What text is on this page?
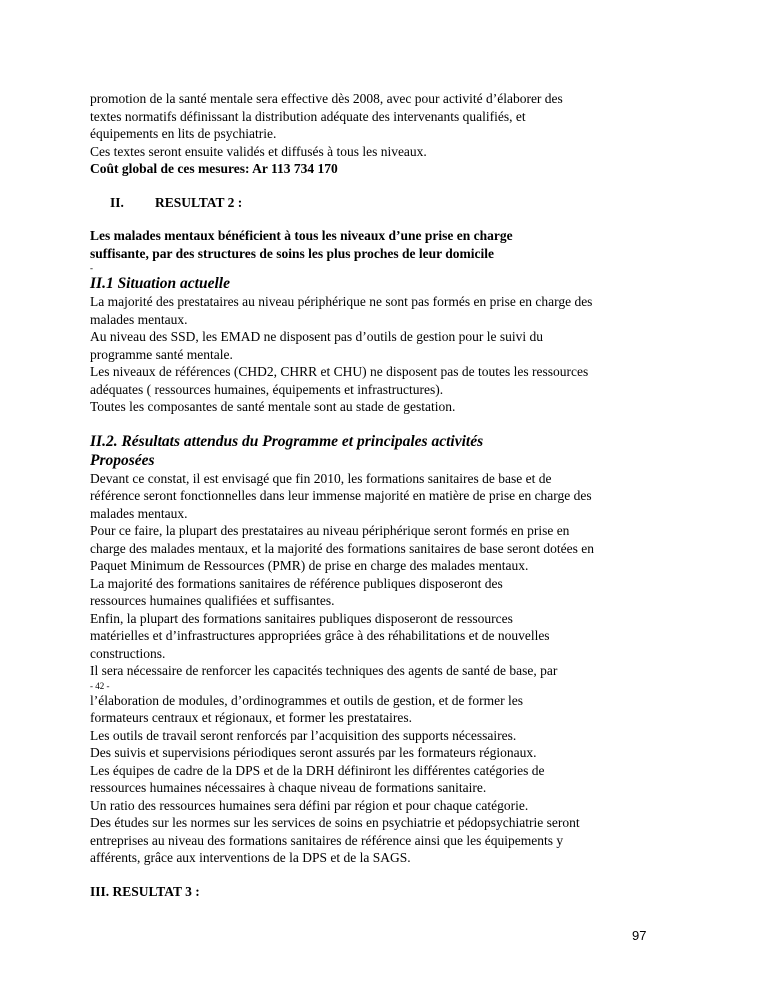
promotion de la santé mentale sera effective dès 2008, avec pour activité d’élaborer des
textes normatifs définissant la distribution adéquate des intervenants qualifiés, et
équipements en lits de psychiatrie.
Ces textes seront ensuite validés et diffusés à tous les niveaux.
Coût global de ces mesures: Ar 113 734 170
II. RESULTAT 2 :
Les malades mentaux bénéficient à tous les niveaux d’une prise en charge
suffisante, par des structures de soins les plus proches de leur domicile
-
II.1 Situation actuelle
La majorité des prestataires au niveau périphérique ne sont pas formés en prise en charge des
malades mentaux.
Au niveau des SSD, les EMAD ne disposent pas d’outils de gestion pour le suivi du
programme santé mentale.
Les niveaux de références (CHD2, CHRR et CHU) ne disposent pas de toutes les ressources
adéquates ( ressources humaines, équipements et infrastructures).
Toutes les composantes de santé mentale sont au stade de gestation.
II.2. Résultats attendus du Programme et principales activités
Proposées
Devant ce constat, il est envisagé que fin 2010, les formations sanitaires de base et de
référence seront fonctionnelles dans leur immense majorité en matière de prise en charge des
malades mentaux.
Pour ce faire, la plupart des prestataires au niveau périphérique seront formés en prise en
charge des malades mentaux, et la majorité des formations sanitaires de base seront dotées en
Paquet Minimum de Ressources (PMR) de prise en charge des malades mentaux.
La majorité des formations sanitaires de référence publiques disposeront des
ressources humaines qualifiées et suffisantes.
Enfin, la plupart des formations sanitaires publiques disposeront de ressources
matérielles et d’infrastructures appropriées grâce à des réhabilitations et de nouvelles
constructions.
Il sera nécessaire de renforcer les capacités techniques des agents de santé de base, par
- 42 -
l’élaboration de modules, d’ordinogrammes et outils de gestion, et de former les
formateurs centraux et régionaux, et former les prestataires.
Les outils de travail seront renforcés par l’acquisition des supports nécessaires.
Des suivis et supervisions périodiques seront assurés par les formateurs régionaux.
Les équipes de cadre de la DPS et de la DRH définiront les différentes catégories de
ressources humaines nécessaires à chaque niveau de formations sanitaire.
Un ratio des ressources humaines sera défini par région et pour chaque catégorie.
Des études sur les normes sur les services de soins en psychiatrie et pédopsychiatrie seront
entreprises au niveau des formations sanitaires de référence ainsi que les équipements y
afférents, grâce aux interventions de la DPS et de la SAGS.
III. RESULTAT 3 :
97
